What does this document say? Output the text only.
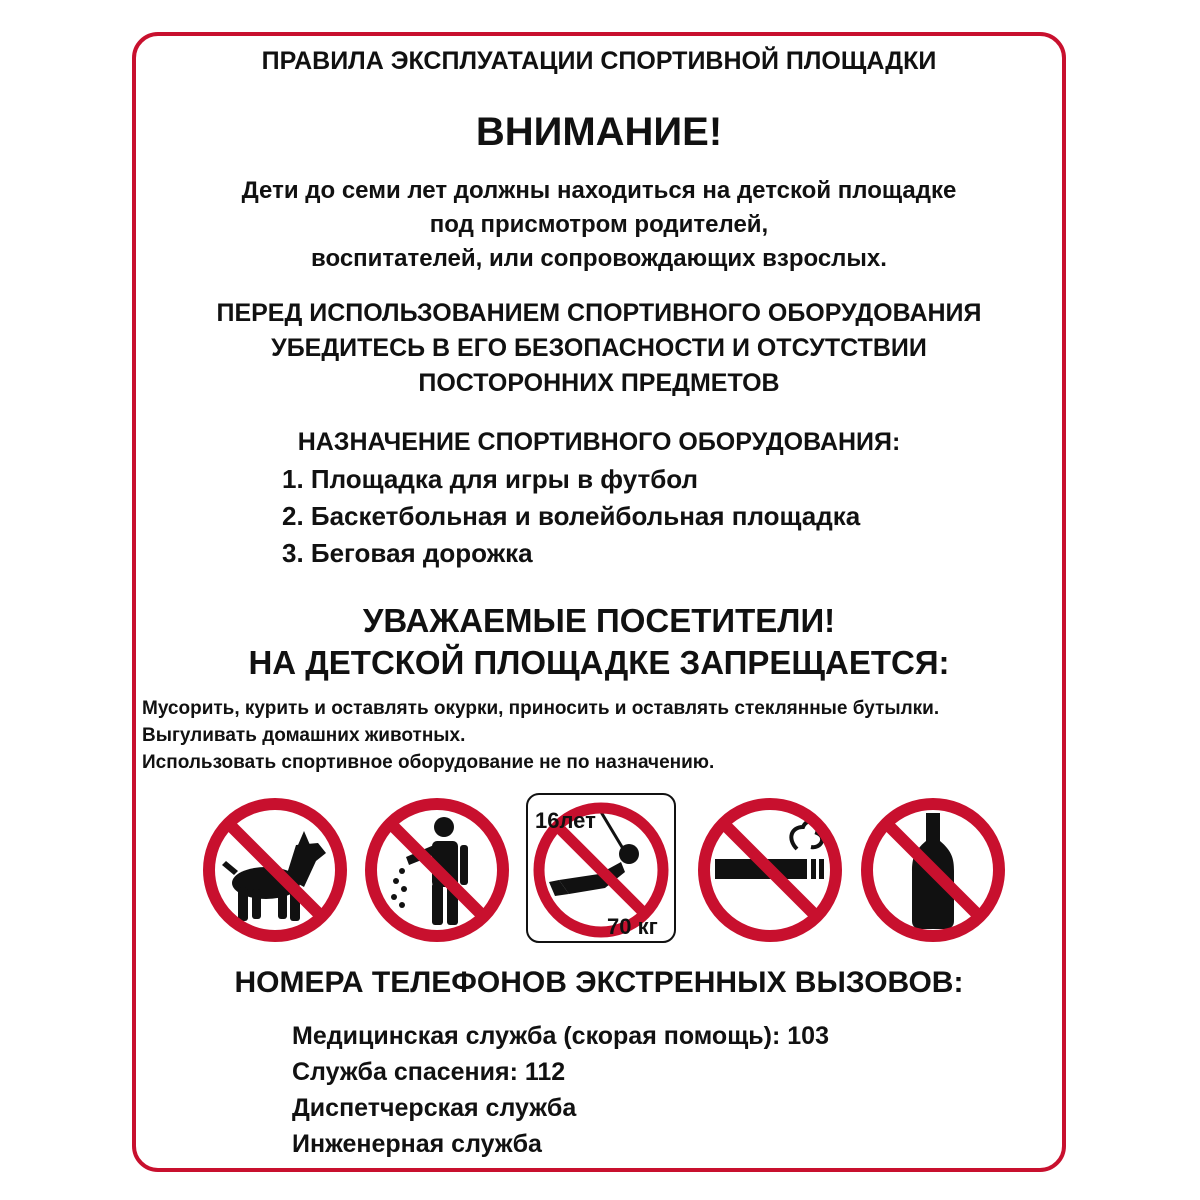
ПРАВИЛА ЭКСПЛУАТАЦИИ СПОРТИВНОЙ ПЛОЩАДКИ
ВНИМАНИЕ!
Дети до семи лет должны находиться на детской площадке
под присмотром родителей,
воспитателей, или сопровождающих взрослых.
ПЕРЕД ИСПОЛЬЗОВАНИЕМ СПОРТИВНОГО ОБОРУДОВАНИЯ
УБЕДИТЕСЬ В ЕГО БЕЗОПАСНОСТИ И ОТСУТСТВИИ
ПОСТОРОННИХ ПРЕДМЕТОВ
НАЗНАЧЕНИЕ СПОРТИВНОГО ОБОРУДОВАНИЯ:
1. Площадка для игры в футбол
2. Баскетбольная и волейбольная площадка
3. Беговая дорожка
УВАЖАЕМЫЕ ПОСЕТИТЕЛИ!
НА ДЕТСКОЙ ПЛОЩАДКЕ ЗАПРЕЩАЕТСЯ:
Мусорить, курить и оставлять окурки, приносить и оставлять стеклянные бутылки.
Выгуливать домашних животных.
Использовать спортивное оборудование не по назначению.
16лет
70 кг
НОМЕРА ТЕЛЕФОНОВ ЭКСТРЕННЫХ ВЫЗОВОВ:
Медицинская служба (скорая помощь): 103
Служба спасения: 112
Диспетчерская служба
Инженерная служба
